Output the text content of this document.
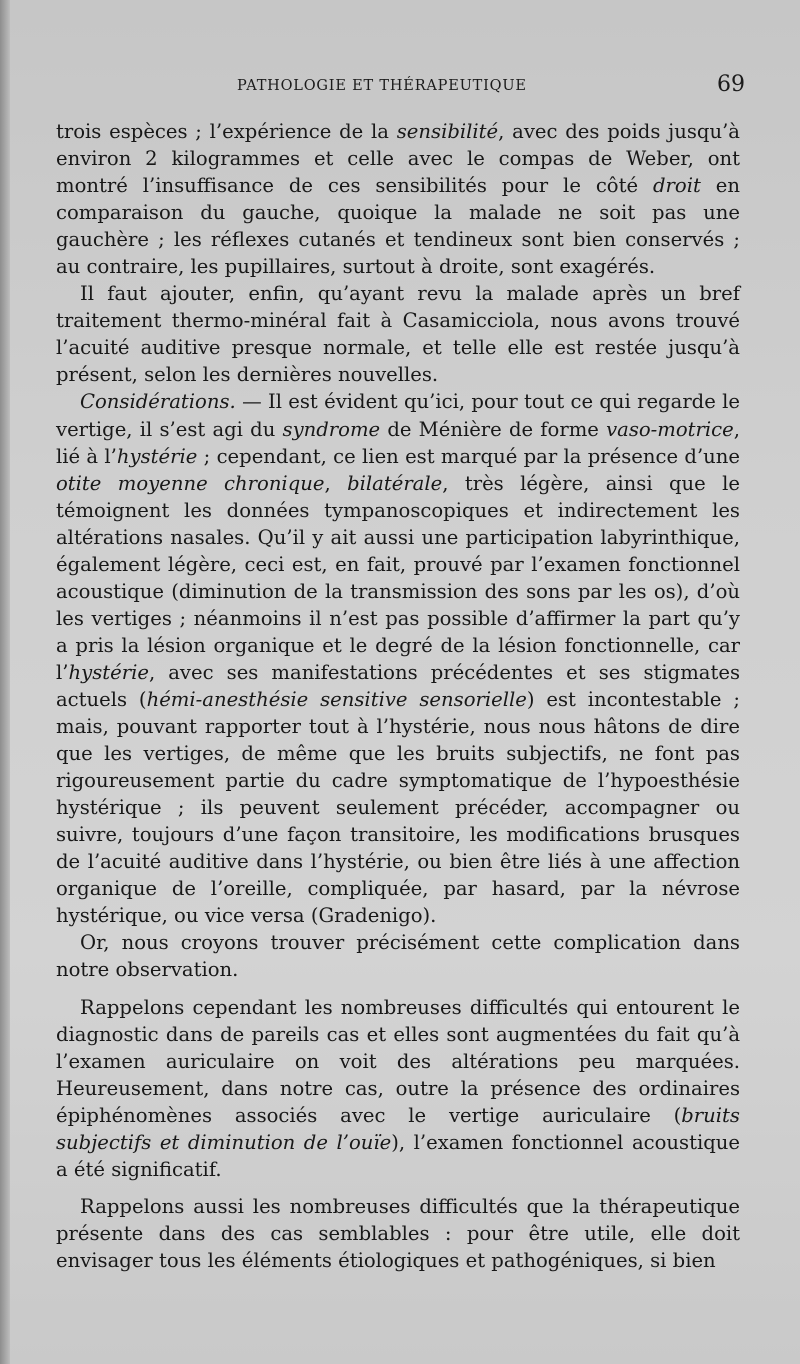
PATHOLOGIE ET THÉRAPEUTIQUE	69

trois espèces ; l’expérience de la sensibilité, avec des poids jusqu’à environ 2 kilogrammes et celle avec le compas de Weber, ont montré l’insuffisance de ces sensibilités pour le côté droit en comparaison du gauche, quoique la malade ne soit pas une gauchère ; les réflexes cutanés et tendineux sont bien conservés ; au contraire, les pupillaires, surtout à droite, sont exagérés.

Il faut ajouter, enfin, qu’ayant revu la malade après un bref traitement thermo-minéral fait à Casamicciola, nous avons trouvé l’acuité auditive presque normale, et telle elle est restée jusqu’à présent, selon les dernières nouvelles.

Considérations. — Il est évident qu’ici, pour tout ce qui regarde le vertige, il s’est agi du syndrome de Ménière de forme vaso-motrice, lié à l’hystérie ; cependant, ce lien est marqué par la présence d’une otite moyenne chronique, bilatérale, très légère, ainsi que le témoignent les données tympanoscopiques et indirectement les altérations nasales. Qu’il y ait aussi une participation labyrinthique, également légère, ceci est, en fait, prouvé par l’examen fonctionnel acoustique (diminution de la transmission des sons par les os), d’où les vertiges ; néanmoins il n’est pas possible d’affirmer la part qu’y a pris la lésion organique et le degré de la lésion fonctionnelle, car l’hystérie, avec ses manifestations précédentes et ses stigmates actuels (hémi-anesthésie sensitive sensorielle) est incontestable ; mais, pouvant rapporter tout à l’hystérie, nous nous hâtons de dire que les vertiges, de même que les bruits subjectifs, ne font pas rigoureusement partie du cadre symptomatique de l’hypoesthésie hystérique ; ils peuvent seulement précéder, accompagner ou suivre, toujours d’une façon transitoire, les modifications brusques de l’acuité auditive dans l’hystérie, ou bien être liés à une affection organique de l’oreille, compliquée, par hasard, par la névrose hystérique, ou vice versa (Gradenigo).

Or, nous croyons trouver précisément cette complication dans notre observation.

Rappelons cependant les nombreuses difficultés qui entourent le diagnostic dans de pareils cas et elles sont augmentées du fait qu’à l’examen auriculaire on voit des altérations peu marquées. Heureusement, dans notre cas, outre la présence des ordinaires épiphénomènes associés avec le vertige auriculaire (bruits subjectifs et diminution de l’ouïe), l’examen fonctionnel acoustique a été significatif.

Rappelons aussi les nombreuses difficultés que la thérapeutique présente dans des cas semblables : pour être utile, elle doit envisager tous les éléments étiologiques et pathogéniques, si bien
